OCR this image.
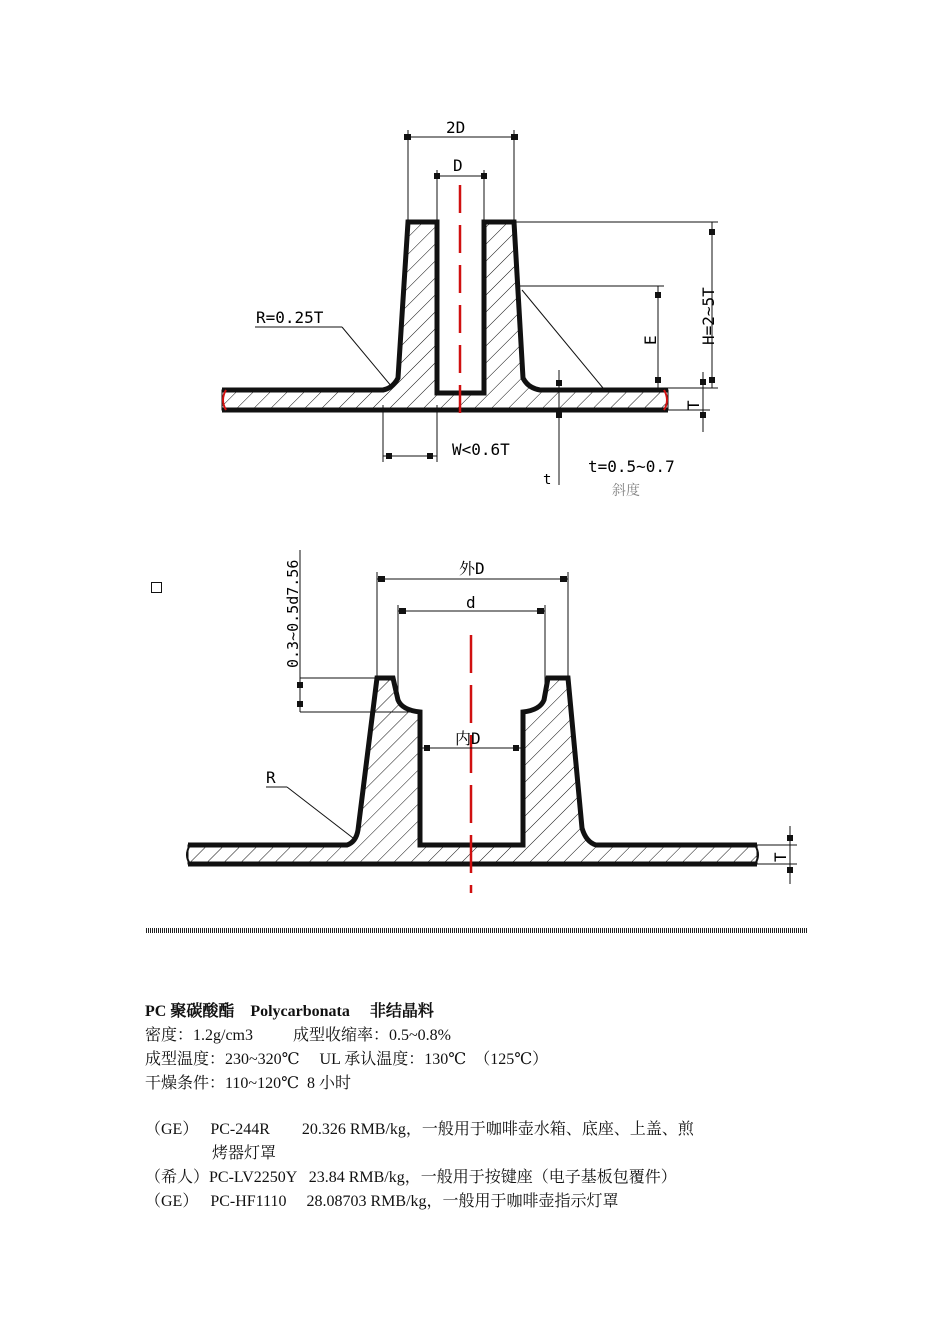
2D
D
R=0.25T	H=2~5T
E
T
W<0.6T
t
t=0.5~0.7
斜度
外D
d
内D
0.3~0.5d7.56
R
T
PC 聚碳酸酯    Polycarbonata     非结晶料
密度：1.2g/cm3          成型收缩率：0.5~0.8%
成型温度：230~320℃     UL 承认温度：130℃  （125℃）
干燥条件：110~120℃  8 小时
（GE）   PC-244R        20.326 RMB/kg，一般用于咖啡壶水箱、底座、上盖、煎
烤器灯罩
（希人）PC-LV2250Y   23.84 RMB/kg，一般用于按键座（电子基板包覆件）
（GE）   PC-HF1110     28.08703 RMB/kg，一般用于咖啡壶指示灯罩
